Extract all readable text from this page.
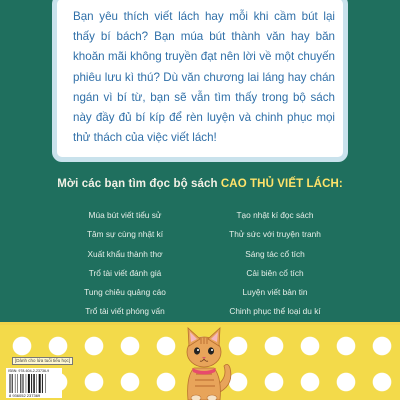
Bạn yêu thích viết lách hay mỗi khi cầm bút lại thấy bí bách? Bạn múa bút thành văn hay băn khoăn mãi không truyền đạt nên lời về một chuyến phiêu lưu kì thú? Dù văn chương lai láng hay chán ngán vì bí từ, bạn sẽ vẫn tìm thấy trong bộ sách này đầy đủ bí kíp để rèn luyện và chinh phục mọi thử thách của việc viết lách!
Mời các bạn tìm đọc bộ sách CAO THỦ VIẾT LÁCH:
Múa bút viết tiểu sử
Tâm sự cùng nhật kí
Xuất khẩu thành thơ
Trổ tài viết đánh giá
Tung chiêu quảng cáo
Trổ tài viết phóng vấn
Tạo nhật kí đọc sách
Thử sức với truyện tranh
Sáng tác cổ tích
Cải biên cổ tích
Luyện viết bản tin
Chinh phục thể loại du kí
[Dành cho lứa tuổi tiểu học]
ISBN: 978-604-2-23736-9
8 936052 237369
